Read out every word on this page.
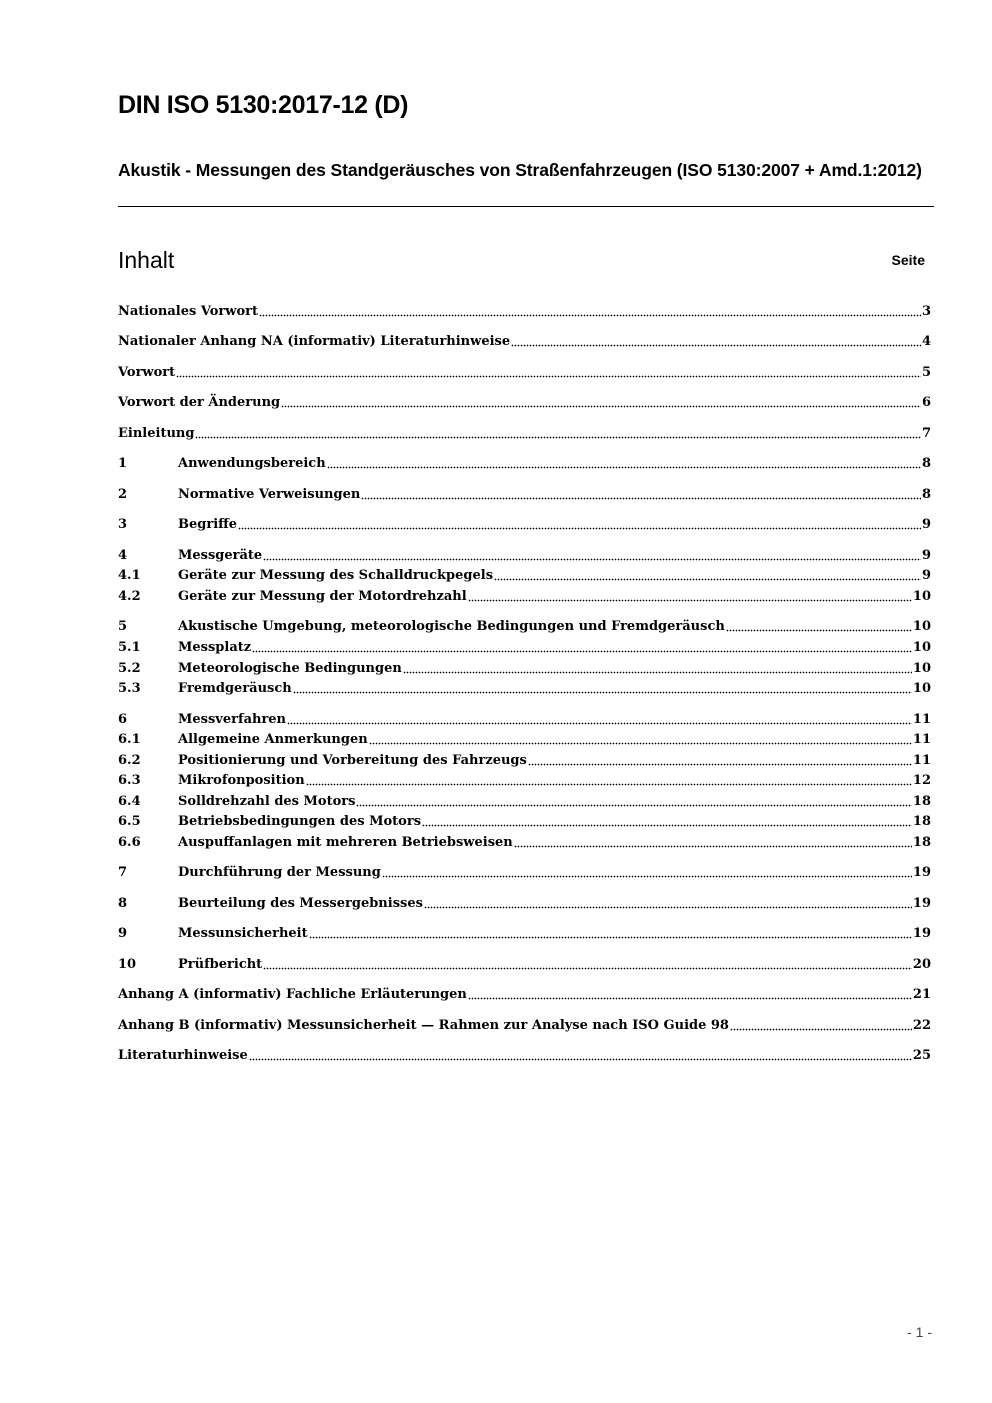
DIN ISO 5130:2017-12 (D)
Akustik - Messungen des Standgeräusches von Straßenfahrzeugen (ISO 5130:2007 + Amd.1:2012)
Inhalt	Seite
Nationales Vorwort	3
Nationaler Anhang NA (informativ) Literaturhinweise	4
Vorwort	5
Vorwort der Änderung	6
Einleitung	7
1	Anwendungsbereich	8
2	Normative Verweisungen	8
3	Begriffe	9
4	Messgeräte	9
4.1	Geräte zur Messung des Schalldruckpegels	9
4.2	Geräte zur Messung der Motordrehzahl	10
5	Akustische Umgebung, meteorologische Bedingungen und Fremdgeräusch	10
5.1	Messplatz	10
5.2	Meteorologische Bedingungen	10
5.3	Fremdgeräusch	10
6	Messverfahren	11
6.1	Allgemeine Anmerkungen	11
6.2	Positionierung und Vorbereitung des Fahrzeugs	11
6.3	Mikrofonposition	12
6.4	Solldrehzahl des Motors	18
6.5	Betriebsbedingungen des Motors	18
6.6	Auspuffanlagen mit mehreren Betriebsweisen	18
7	Durchführung der Messung	19
8	Beurteilung des Messergebnisses	19
9	Messunsicherheit	19
10	Prüfbericht	20
Anhang A (informativ) Fachliche Erläuterungen	21
Anhang B (informativ) Messunsicherheit — Rahmen zur Analyse nach ISO Guide 98	22
Literaturhinweise	25
- 1 -
